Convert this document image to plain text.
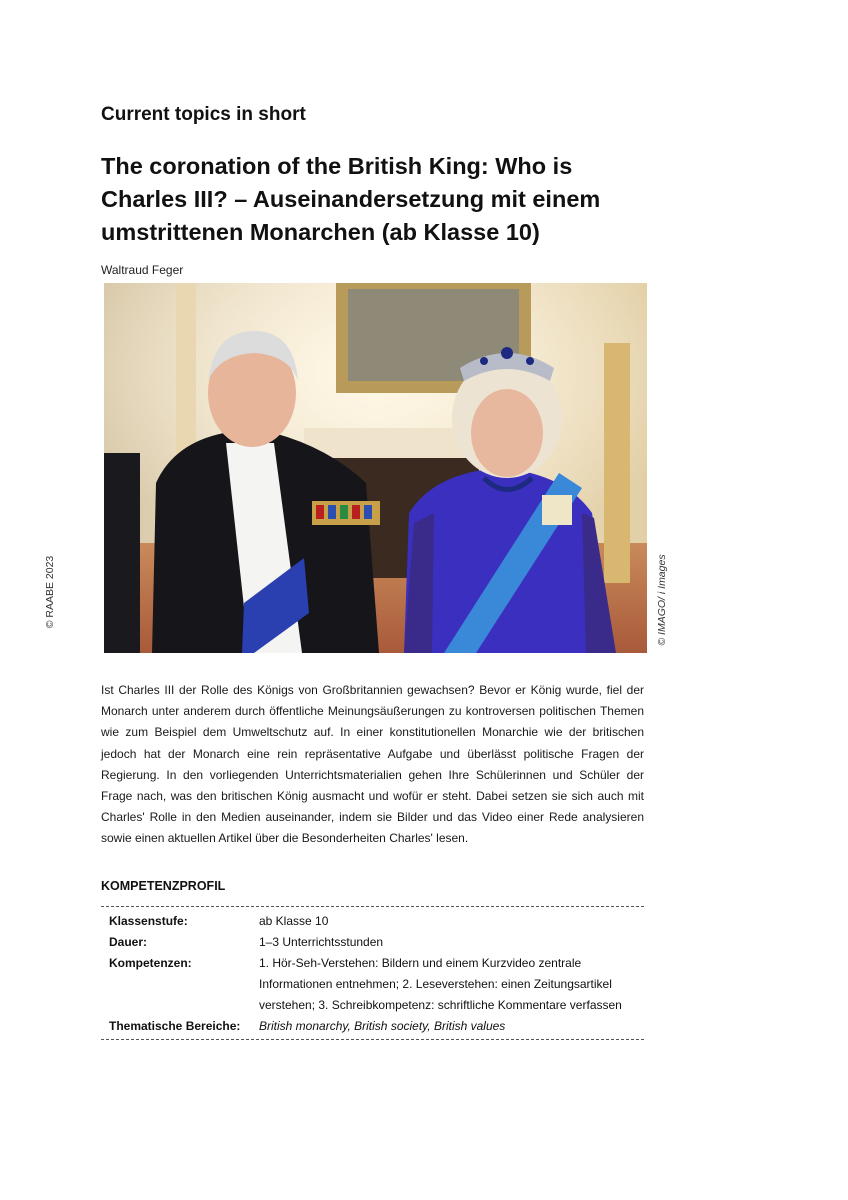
Current topics in short
The coronation of the British King: Who is Charles III? – Auseinandersetzung mit einem umstrittenen Monarchen (ab Klasse 10)
Waltraud Feger
© RAABE 2023	© IMAGO/ i Images
Ist Charles III der Rolle des Königs von Großbritannien gewachsen? Bevor er König wurde, fiel der Monarch unter anderem durch öffentliche Meinungsäußerungen zu kontroversen politischen Themen wie zum Beispiel dem Umweltschutz auf. In einer konstitutionellen Monarchie wie der britischen jedoch hat der Monarch eine rein repräsentative Aufgabe und überlässt politische Fragen der Regierung. In den vorliegenden Unterrichtsmaterialien gehen Ihre Schülerinnen und Schüler der Frage nach, was den britischen König ausmacht und wofür er steht. Dabei setzen sie sich auch mit Charles' Rolle in den Medien auseinander, indem sie Bilder und das Video einer Rede analysieren sowie einen aktuellen Artikel über die Besonderheiten Charles' lesen.
KOMPETENZPROFIL
Klassenstufe:	ab Klasse 10
Dauer:	1–3 Unterrichtsstunden
Kompetenzen:	1. Hör-Seh-Verstehen: Bildern und einem Kurzvideo zentrale Informationen entnehmen; 2. Leseverstehen: einen Zeitungsartikel verstehen; 3. Schreibkompetenz: schriftliche Kommentare verfassen
Thematische Bereiche:	British monarchy, British society, British values
